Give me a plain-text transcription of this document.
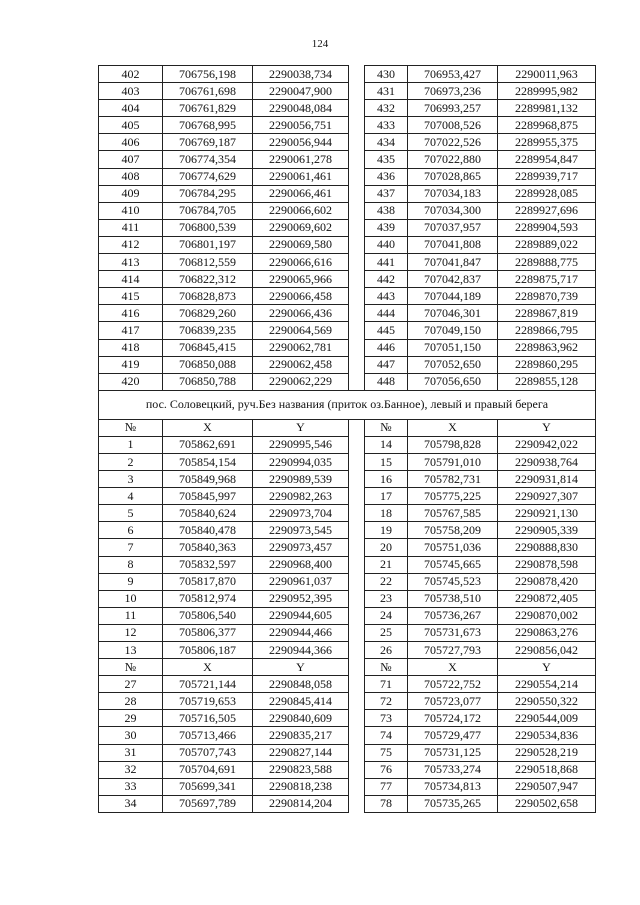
124
402	706756,198	2290038,734		430	706953,427	2290011,963
403	706761,698	2290047,900		431	706973,236	2289995,982
404	706761,829	2290048,084		432	706993,257	2289981,132
405	706768,995	2290056,751		433	707008,526	2289968,875
406	706769,187	2290056,944		434	707022,526	2289955,375
407	706774,354	2290061,278		435	707022,880	2289954,847
408	706774,629	2290061,461		436	707028,865	2289939,717
409	706784,295	2290066,461		437	707034,183	2289928,085
410	706784,705	2290066,602		438	707034,300	2289927,696
411	706800,539	2290069,602		439	707037,957	2289904,593
412	706801,197	2290069,580		440	707041,808	2289889,022
413	706812,559	2290066,616		441	707041,847	2289888,775
414	706822,312	2290065,966		442	707042,837	2289875,717
415	706828,873	2290066,458		443	707044,189	2289870,739
416	706829,260	2290066,436		444	707046,301	2289867,819
417	706839,235	2290064,569		445	707049,150	2289866,795
418	706845,415	2290062,781		446	707051,150	2289863,962
419	706850,088	2290062,458		447	707052,650	2289860,295
420	706850,788	2290062,229		448	707056,650	2289855,128
пос. Соловецкий, руч.Без названия (приток оз.Банное), левый и правый берега						
№	X	Y		№	X	Y
1	705862,691	2290995,546		14	705798,828	2290942,022
2	705854,154	2290994,035		15	705791,010	2290938,764
3	705849,968	2290989,539		16	705782,731	2290931,814
4	705845,997	2290982,263		17	705775,225	2290927,307
5	705840,624	2290973,704		18	705767,585	2290921,130
6	705840,478	2290973,545		19	705758,209	2290905,339
7	705840,363	2290973,457		20	705751,036	2290888,830
8	705832,597	2290968,400		21	705745,665	2290878,598
9	705817,870	2290961,037		22	705745,523	2290878,420
10	705812,974	2290952,395		23	705738,510	2290872,405
11	705806,540	2290944,605		24	705736,267	2290870,002
12	705806,377	2290944,466		25	705731,673	2290863,276
13	705806,187	2290944,366		26	705727,793	2290856,042
№	X	Y		№	X	Y
27	705721,144	2290848,058		71	705722,752	2290554,214
28	705719,653	2290845,414		72	705723,077	2290550,322
29	705716,505	2290840,609		73	705724,172	2290544,009
30	705713,466	2290835,217		74	705729,477	2290534,836
31	705707,743	2290827,144		75	705731,125	2290528,219
32	705704,691	2290823,588		76	705733,274	2290518,868
33	705699,341	2290818,238		77	705734,813	2290507,947
34	705697,789	2290814,204		78	705735,265	2290502,658
